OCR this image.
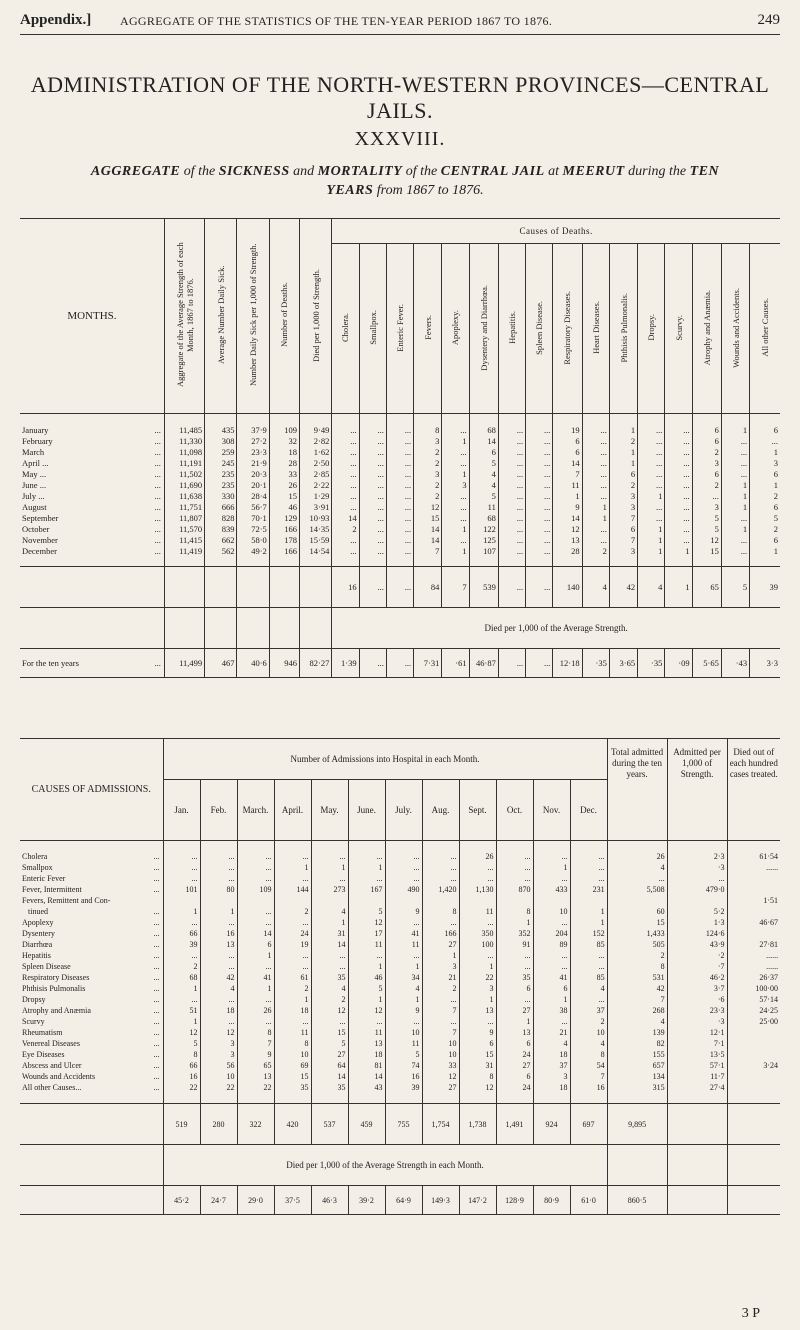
Appendix.] AGGREGATE OF THE STATISTICS OF THE TEN-YEAR PERIOD 1867 TO 1876.	249
ADMINISTRATION OF THE NORTH-WESTERN PROVINCES—CENTRAL JAILS.
XXXVIII.
AGGREGATE of the SICKNESS and MORTALITY of the CENTRAL JAIL at MEERUT during the TEN
YEARS from 1867 to 1876.
MONTHS.	Aggregate of the Average Strength of each Month, 1867 to 1876.	Average Number Daily Sick.	Number Daily Sick per 1,000 of Strength.	Number of Deaths.	Died per 1,000 of Strength.	Causes of Deaths.															
						Cholera.	Smallpox.	Enteric Fever.	Fevers.	Apoplexy.	Dysentery and Diarrhœa.	Hepatitis.	Spleen Disease.	Respiratory Diseases.	Heart Diseases.	Phthisis Pulmonalis.	Dropsy.	Scurvy.	Atrophy and Anæmia.	Wounds and Accidents.	All other Causes.

January ...	11,485	435	37·9	109	9·49	...	...	...	8	...	68	...	...	19	...	1	...	...	6	1	6
February ...	11,330	308	27·2	32	2·82	...	...	...	3	1	14	...	...	6	...	2	...	...	6	...	...
March ...	11,098	259	23·3	18	1·62	...	...	...	2	...	6	...	...	6	...	1	...	...	2	...	1
April ... ...	11,191	245	21·9	28	2·50	...	...	...	2	...	5	...	...	14	...	1	...	...	3	...	3
May ... ...	11,502	235	20·3	33	2·85	...	...	...	3	1	4	...	...	7	...	6	...	...	6	...	6
June ... ...	11,690	235	20·1	26	2·22	...	...	...	2	3	4	...	...	11	...	2	...	...	2	1	1
July ... ...	11,638	330	28·4	15	1·29	...	...	...	2	...	5	...	...	1	...	3	1	...	...	1	2
August ...	11,751	666	56·7	46	3·91	...	...	...	12	...	11	...	...	9	1	3	...	...	3	1	6
September ...	11,807	828	70·1	129	10·93	14	...	...	15	...	68	...	...	14	1	7	...	...	5	...	5
October ...	11,570	839	72·5	166	14·35	2	...	...	14	1	122	...	...	12	...	6	1	...	5	1	2
November ...	11,415	662	58·0	178	15·59	...	...	...	14	...	125	...	...	13	...	7	1	...	12	...	6
December ...	11,419	562	49·2	166	14·54	...	...	...	7	1	107	...	...	28	2	3	1	1	15	...	1

						16	...	...	84	7	539	...	...	140	4	42	4	1	65	5	39
						Died per 1,000 of the Average Strength.															
For the ten years ...	11,499	467	40·6	946	82·27	1·39	...	...	7·31	·61	46·87	...	...	12·18	·35	3·65	·35	·09	5·65	·43	3·3
CAUSES OF ADMISSIONS.	Number of Admissions into Hospital in each Month.												Total admitted during the ten years.	Admitted per 1,000 of Strength.	Died out of each hundred cases treated.
	Jan.	Feb.	March.	April.	May.	June.	July.	Aug.	Sept.	Oct.	Nov.	Dec.			

Cholera ...	...	...	...	...	...	...	...	...	26	...	...	...	26	2·3	61·54
Smallpox ...	...	...	...	1	1	1	...	...	...	...	1	...	4	·3	......
Enteric Fever ...	...	...	...	...	...	...	...	...	...	...	...	...	...	...	
Fever, Intermittent ...	101	80	109	144	273	167	490	1,420	1,130	870	433	231	5,508	479·0	
Fevers, Remittent and Con-															1·51
tinued ...	1	1	...	2	4	5	9	8	11	8	10	1	60	5·2	
Apoplexy ...	...	...	...	...	1	12	...	...	...	1	...	1	15	1·3	46·67
Dysentery ...	66	16	14	24	31	17	41	166	350	352	204	152	1,433	124·6	
Diarrhœa ...	39	13	6	19	14	11	11	27	100	91	89	85	505	43·9	27·81
Hepatitis ...	...	...	1	...	...	...	...	1	...	...	...	...	2	·2	......
Spleen Disease ...	2	...	...	...	...	1	1	3	1	...	...	...	8	·7	......
Respiratory Diseases ...	68	42	41	61	35	46	34	21	22	35	41	85	531	46·2	26·37
Phthisis Pulmonalis ...	1	4	1	2	4	5	4	2	3	6	6	4	42	3·7	100·00
Dropsy ...	...	...	...	1	2	1	1	...	1	...	1	...	7	·6	57·14
Atrophy and Anæmia ...	51	18	26	18	12	12	9	7	13	27	38	37	268	23·3	24·25
Scurvy ...	1	...	...	...	...	...	...	...	...	1	...	2	4	·3	25·00
Rheumatism ...	12	12	8	11	15	11	10	7	9	13	21	10	139	12·1	
Venereal Diseases ...	5	3	7	8	5	13	11	10	6	6	4	4	82	7·1	
Eye Diseases ...	8	3	9	10	27	18	5	10	15	24	18	8	155	13·5	
Abscess and Ulcer ...	66	56	65	69	64	81	74	33	31	27	37	54	657	57·1	3·24
Wounds and Accidents ...	16	10	13	15	14	14	16	12	8	6	3	7	134	11·7	
All other Causes... ...	22	22	22	35	35	43	39	27	12	24	18	16	315	27·4	

	519	280	322	420	537	459	755	1,754	1,738	1,491	924	697	9,895		
	Died per 1,000 of the Average Strength in each Month.														
	45·2	24·7	29·0	37·5	46·3	39·2	64·9	149·3	147·2	128·9	80·9	61·0	860·5		
3 P
